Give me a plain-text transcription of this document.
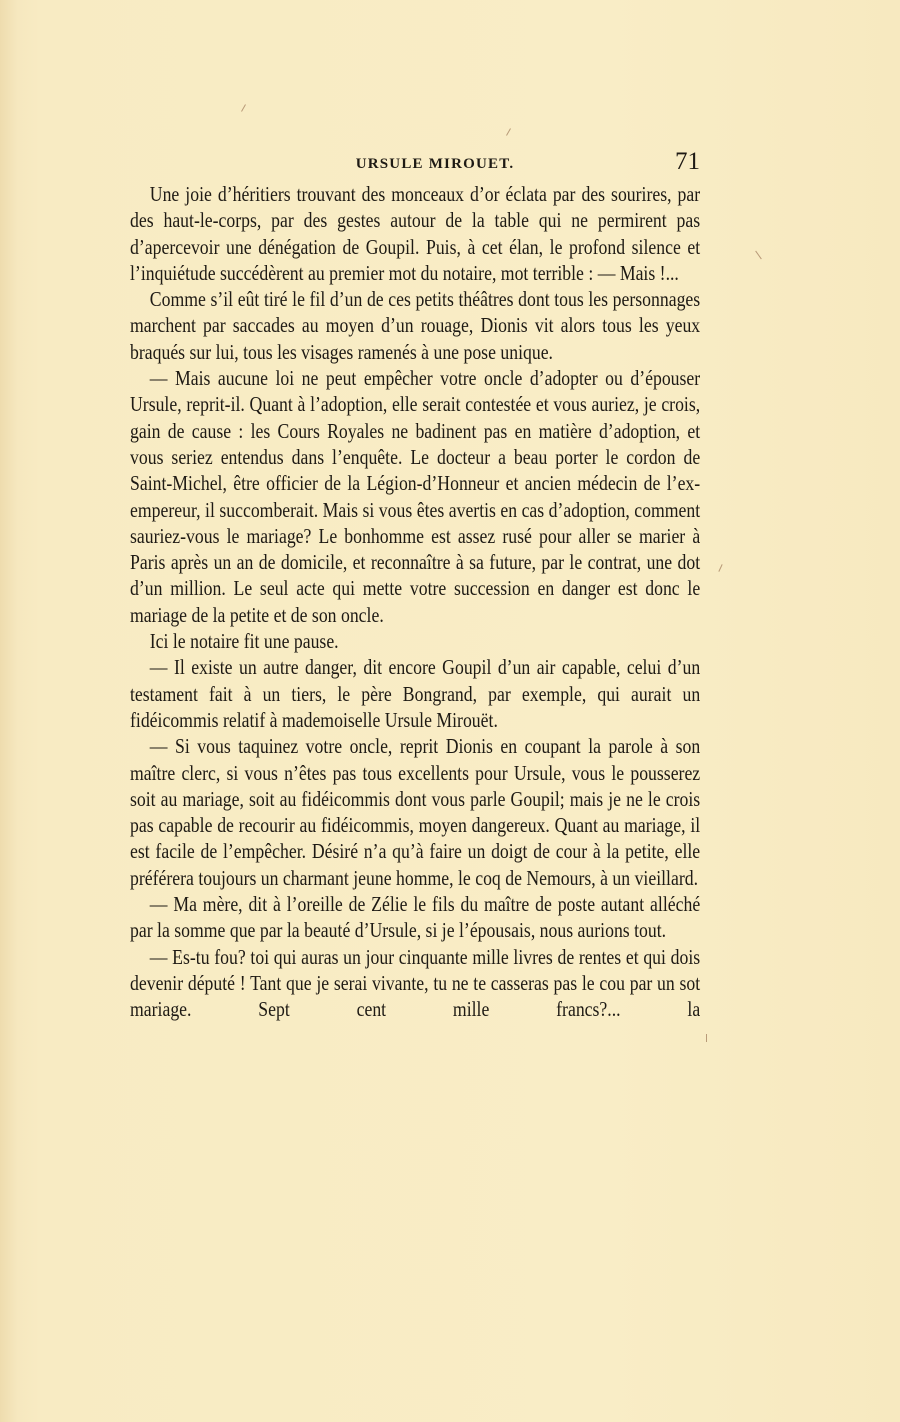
URSULE MIROUET.	71

Une joie d’héritiers trouvant des monceaux d’or éclata par des sourires, par des haut-le-corps, par des gestes autour de la table qui ne permirent pas d’apercevoir une dénégation de Goupil. Puis, à cet élan, le profond silence et l’inquiétude succédèrent au premier mot du notaire, mot terrible : — Mais !...

Comme s’il eût tiré le fil d’un de ces petits théâtres dont tous les personnages marchent par saccades au moyen d’un rouage, Dionis vit alors tous les yeux braqués sur lui, tous les visages ramenés à une pose unique.

— Mais aucune loi ne peut empêcher votre oncle d’adopter ou d’épouser Ursule, reprit-il. Quant à l’adoption, elle serait contestée et vous auriez, je crois, gain de cause : les Cours Royales ne badinent pas en matière d’adoption, et vous seriez entendus dans l’enquête. Le docteur a beau porter le cordon de Saint-Michel, être officier de la Légion-d’Honneur et ancien médecin de l’ex-empereur, il succomberait. Mais si vous êtes avertis en cas d’adoption, comment sauriez-vous le mariage? Le bonhomme est assez rusé pour aller se marier à Paris après un an de domicile, et reconnaître à sa future, par le contrat, une dot d’un million. Le seul acte qui mette votre succession en danger est donc le mariage de la petite et de son oncle.

Ici le notaire fit une pause.

— Il existe un autre danger, dit encore Goupil d’un air capable, celui d’un testament fait à un tiers, le père Bongrand, par exemple, qui aurait un fidéicommis relatif à mademoiselle Ursule Mirouët.

— Si vous taquinez votre oncle, reprit Dionis en coupant la parole à son maître clerc, si vous n’êtes pas tous excellents pour Ursule, vous le pousserez soit au mariage, soit au fidéicommis dont vous parle Goupil; mais je ne le crois pas capable de recourir au fidéicommis, moyen dangereux. Quant au mariage, il est facile de l’empêcher. Désiré n’a qu’à faire un doigt de cour à la petite, elle préférera toujours un charmant jeune homme, le coq de Nemours, à un vieillard.

— Ma mère, dit à l’oreille de Zélie le fils du maître de poste autant alléché par la somme que par la beauté d’Ursule, si je l’épousais, nous aurions tout.

— Es-tu fou? toi qui auras un jour cinquante mille livres de rentes et qui dois devenir député ! Tant que je serai vivante, tu ne te casseras pas le cou par un sot mariage. Sept cent mille francs?... la
